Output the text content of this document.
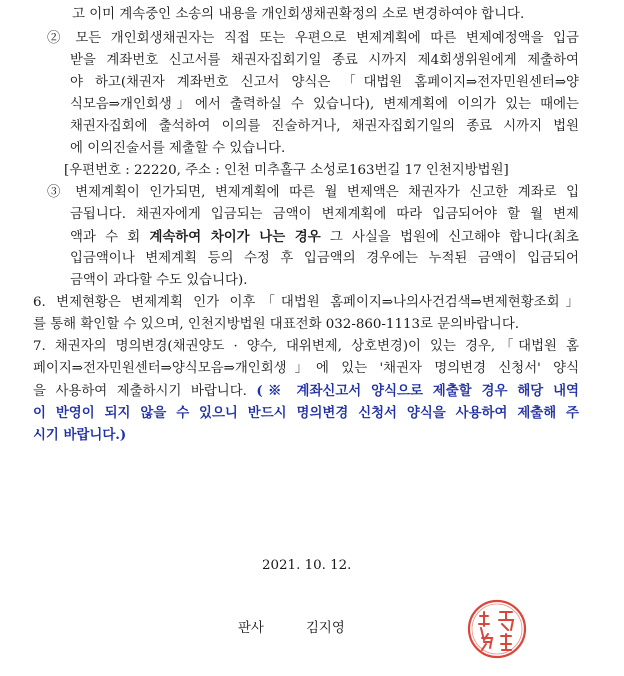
고 이미 계속중인 소송의 내용을 개인회생채권확정의 소로 변경하여야 합니다.
② 모든 개인회생채권자는 직접 또는 우편으로 변제계획에 따른 변제예정액을 입금
받을 계좌번호 신고서를 채권자집회기일 종료 시까지 제4회생위원에게 제출하여
야 하고(채권자 계좌번호 신고서 양식은 「대법원 홈페이지⇒전자민원센터⇒양
식모음⇒개인회생」에서 출력하실 수 있습니다), 변제계획에 이의가 있는 때에는
채권자집회에 출석하여 이의를 진술하거나, 채권자집회기일의 종료 시까지 법원
에 이의진술서를 제출할 수 있습니다.
[우편번호 : 22220, 주소 : 인천 미추홀구 소성로163번길 17 인천지방법원]
③ 변제계획이 인가되면, 변제계획에 따른 월 변제액은 채권자가 신고한 계좌로 입
금됩니다. 채권자에게 입금되는 금액이 변제계획에 따라 입금되어야 할 월 변제
액과 수 회 계속하여 차이가 나는 경우 그 사실을 법원에 신고해야 합니다(최초
입금액이나 변제계획 등의 수정 후 입금액의 경우에는 누적된 금액이 입금되어
금액이 과다할 수도 있습니다).
6. 변제현황은 변제계획 인가 이후「대법원 홈페이지⇒나의사건검색⇒변제현황조회」
를 통해 확인할 수 있으며, 인천지방법원 대표전화 032-860-1113로 문의바랍니다.
7. 채권자의 명의변경(채권양도 · 양수, 대위변제, 상호변경)이 있는 경우,「대법원 홈
페이지⇒전자민원센터⇒양식모음⇒개인회생」에 있는 '채권자 명의변경 신청서' 양식
을 사용하여 제출하시기 바랍니다. (※ 계좌신고서 양식으로 제출할 경우 해당 내역
이 반영이 되지 않을 수 있으니 반드시 명의변경 신청서 양식을 사용하여 제출해 주
시기 바랍니다.)
2021. 10. 12.
판사	김지영
